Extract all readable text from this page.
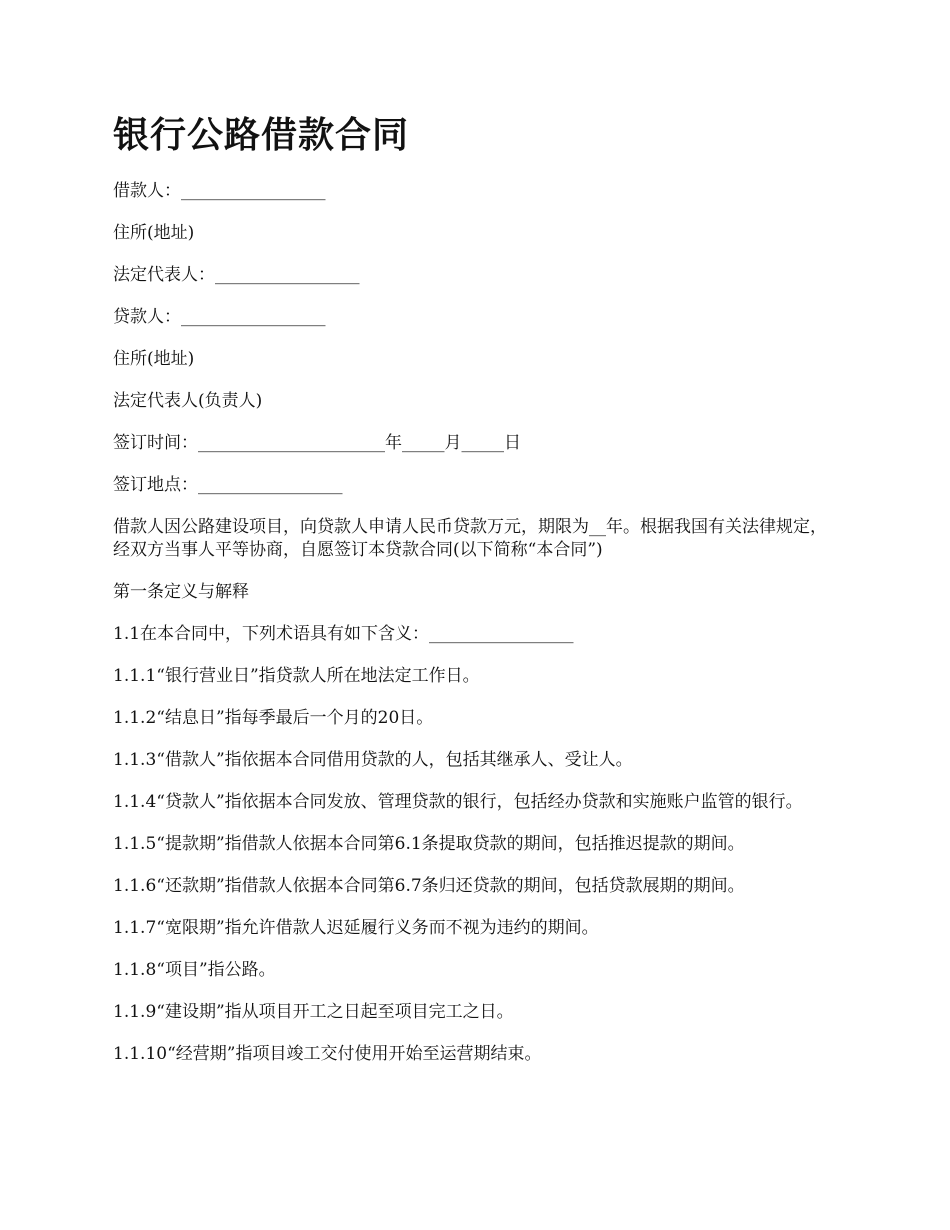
银行公路借款合同

借款人：_________________

住所(地址)

法定代表人：_________________

贷款人：_________________

住所(地址)

法定代表人(负责人)

签订时间：______________________年_____月_____日

签订地点：_________________

借款人因公路建设项目，向贷款人申请人民币贷款万元，期限为__年。根据我国有关法律规定，经双方当事人平等协商，自愿签订本贷款合同(以下简称“本合同”)

第一条定义与解释

1.1在本合同中，下列术语具有如下含义：_________________

1.1.1“银行营业日”指贷款人所在地法定工作日。

1.1.2“结息日”指每季最后一个月的20日。

1.1.3“借款人”指依据本合同借用贷款的人，包括其继承人、受让人。

1.1.4“贷款人”指依据本合同发放、管理贷款的银行，包括经办贷款和实施账户监管的银行。

1.1.5“提款期”指借款人依据本合同第6.1条提取贷款的期间，包括推迟提款的期间。

1.1.6“还款期”指借款人依据本合同第6.7条归还贷款的期间，包括贷款展期的期间。

1.1.7“宽限期”指允许借款人迟延履行义务而不视为违约的期间。

1.1.8“项目”指公路。

1.1.9“建设期”指从项目开工之日起至项目完工之日。

1.1.10“经营期”指项目竣工交付使用开始至运营期结束。
